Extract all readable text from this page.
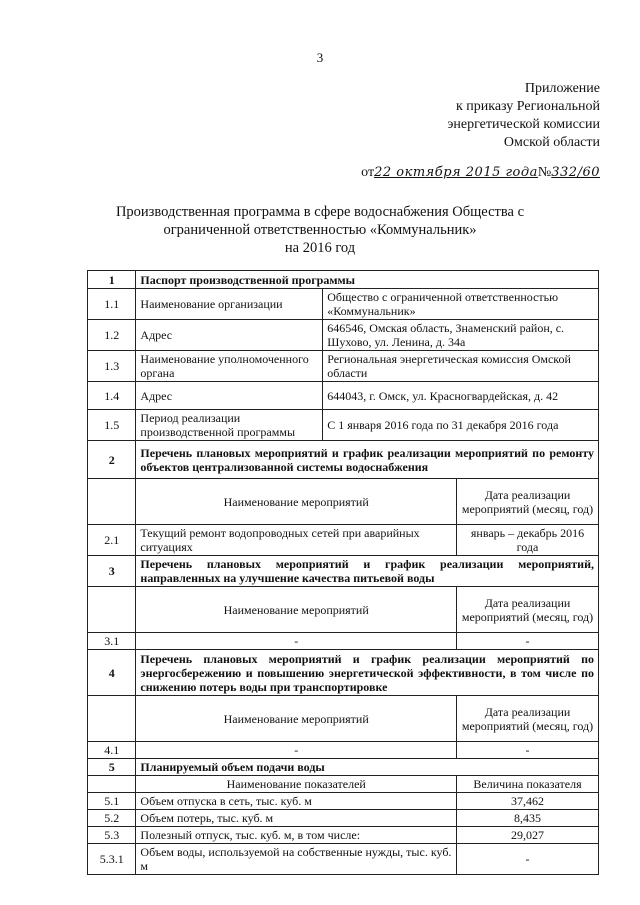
3
Приложение
к приказу Региональной
энергетической комиссии
Омской области
от22 октября 2015 года№332/60
Производственная программа в сфере водоснабжения Общества с
ограниченной ответственностью «Коммунальник»
на 2016 год
1	Паспорт производственной программы		
1.1	Наименование организации	Общество с ограниченной ответственностью «Коммунальник»	
1.2	Адрес	646546, Омская область, Знаменский район, с. Шухово, ул. Ленина, д. 34а	
1.3	Наименование уполномоченного органа	Региональная энергетическая комиссия Омской области	
1.4	Адрес	644043, г. Омск, ул. Красногвардейская, д. 42	
1.5	Период реализации производственной программы	С 1 января 2016 года по 31 декабря 2016 года	
2	Перечень плановых мероприятий и график реализации мероприятий по ремонту объектов централизованной системы водоснабжения		
	Наименование мероприятий		Дата реализации мероприятий (месяц, год)
2.1	Текущий ремонт водопроводных сетей при аварийных ситуациях		январь – декабрь 2016 года
3	Перечень плановых мероприятий и график реализации мероприятий, направленных на улучшение качества питьевой воды		
	Наименование мероприятий		Дата реализации мероприятий (месяц, год)
3.1	-		-
4	Перечень плановых мероприятий и график реализации мероприятий по энергосбережению и повышению энергетической эффективности, в том числе по снижению потерь воды при транспортировке		
	Наименование мероприятий		Дата реализации мероприятий (месяц, год)
4.1	-		-
5	Планируемый объем подачи воды		
	Наименование показателей		Величина показателя
5.1	Объем отпуска в сеть, тыс. куб. м		37,462
5.2	Объем потерь, тыс. куб. м		8,435
5.3	Полезный отпуск, тыс. куб. м, в том числе:		29,027
5.3.1	Объем воды, используемой на собственные нужды, тыс. куб. м		-
